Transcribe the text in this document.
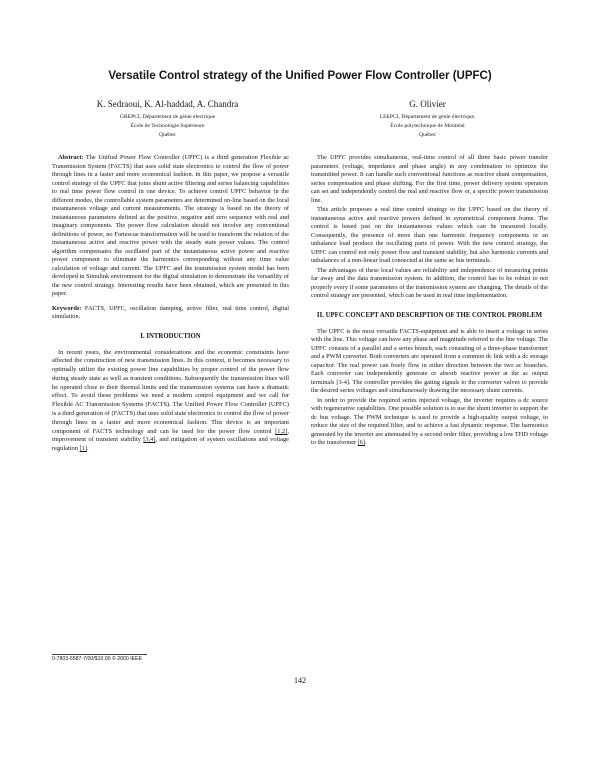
Versatile Control strategy of the Unified Power Flow Controller (UPFC)
K. Sedraoui, K. Al-haddad, A. Chandra
GREPCI, Département de génie électrique
École de Technologie Supérieure
Québec
G. Olivier
LEEPCI, Département de génie électrique,
École polytechnique de Montréal
Québec

Abstract: The Unified Power Flow Controller (UPFC) is a third generation Flexible ac Transmission System (FACTS) that uses solid state electronics to control the flow of power through lines in a faster and more economical fashion. In this paper, we propose a versatile control strategy of the UPFC that joins shunt active filtering and series balancing capabilities to real time power flow control in one device. To achieve control UPFC behavior in the different modes, the controllable system parameters are determined on-line based on the local instantaneous voltage and current measurements. The strategy is based on the theory of instantaneous parameters defined as the positive, negative and zero sequence with real and imaginary components. The power flow calculation should not involve any conventional definitions of power, no Fortescue transformation will be used to transform the relation of the instantaneous active and reactive power with the steady state power values. The control algorithm compensates the oscillated part of the instantaneous active power and reactive power component to eliminate the harmonics corresponding without any time value calculation of voltage and current. The UPFC and the transmission system model has been developed in Simulink environment for the digital simulation to demonstrate the versatility of the new control strategy. Interesting results have been obtained, which are presented in this paper.

Keywords: FACTS, UPFC, oscillation damping, active filter, real time control, digital simulation.

I. INTRODUCTION

In recent years, the environmental considerations and the economic constraints have affected the construction of new transmission lines. In this context, it becomes necessary to optimally utilize the existing power line capabilities by proper control of the power flow during steady state as well as transient conditions. Subsequently the transmission lines will be operated close to their thermal limits and the transmission systems can have a dramatic effect. To avoid these problems we need a modern control equipment and we call for Flexible AC Transmission Systems (FACTS). The Unified Power Flow Controller (UPFC) is a third generation of (FACTS) that uses solid state electronics to control the flow of power through lines in a faster and more economical fashion. This device is an important component of FACTS technology and can be used for the power flow control [1,2], improvement of transient stability [3,4], and mitigation of system oscillations and voltage regulation [1].

The UPFC provides simultaneous, real-time control of all three basic power transfer parameters (voltage, impedance and phase angle) in any combination to optimize the transmitted power. It can handle such conventional functions as reactive shunt compensation, series compensation and phase shifting. For the first time, power delivery system operators can set and independently control the real and reactive flow or, a specific power transmission line.

This article proposes a real time control strategy to the UPFC based on the theory of instantaneous active and reactive powers defined in symmetrical component frame. The control is based just on the instantaneous values which can be measured locally. Consequently, the presence of more than one harmonic frequency components or an unbalance load produce the oscillating parts of power. With the new control strategy, the UPFC can control not only power flow and transient stability, but also harmonic currents and unbalances of a non-linear load connected at the same ac bus terminals.

The advantages of these local values are reliability and independence of measuring points far away and the data transmission system. In addition, the control has to be robust to not properly every if some parameters of the transmission system are changing. The details of the control strategy are presented, which can be used in real time implementation.

II. UPFC CONCEPT AND DESCRIPTION OF THE CONTROL PROBLEM

The UPFC is the most versatile FACTS-equipment and is able to insert a voltage in series with the line. This voltage can have any phase and magnitude referred to the line voltage. The UPFC consists of a parallel and a series branch, each consisting of a three-phase transformer and a PWM converter. Both converters are operated from a common dc link with a dc storage capacitor. The real power can freely flow in either direction between the two ac branches. Each converter can independently generate or absorb reactive power at the ac output terminals [3-4]. The controller provides the gating signals to the converter valves to provide the desired series voltages and simultaneously drawing the necessary shunt currents.

In order to provide the required series injected voltage, the inverter requires a dc source with regenerative capabilities. One possible solution is to use the shunt inverter to support the dc bus voltage. The PWM technique is used to provide a high-quality output voltage, to reduce the size of the required filter, and to achieve a fast dynamic response. The harmonics generated by the inverter are attenuated by a second order filter, providing a low THD voltage to the transformer [6].

0-7803-6587-7/00/$10.00 © 2000 IEEE
142
